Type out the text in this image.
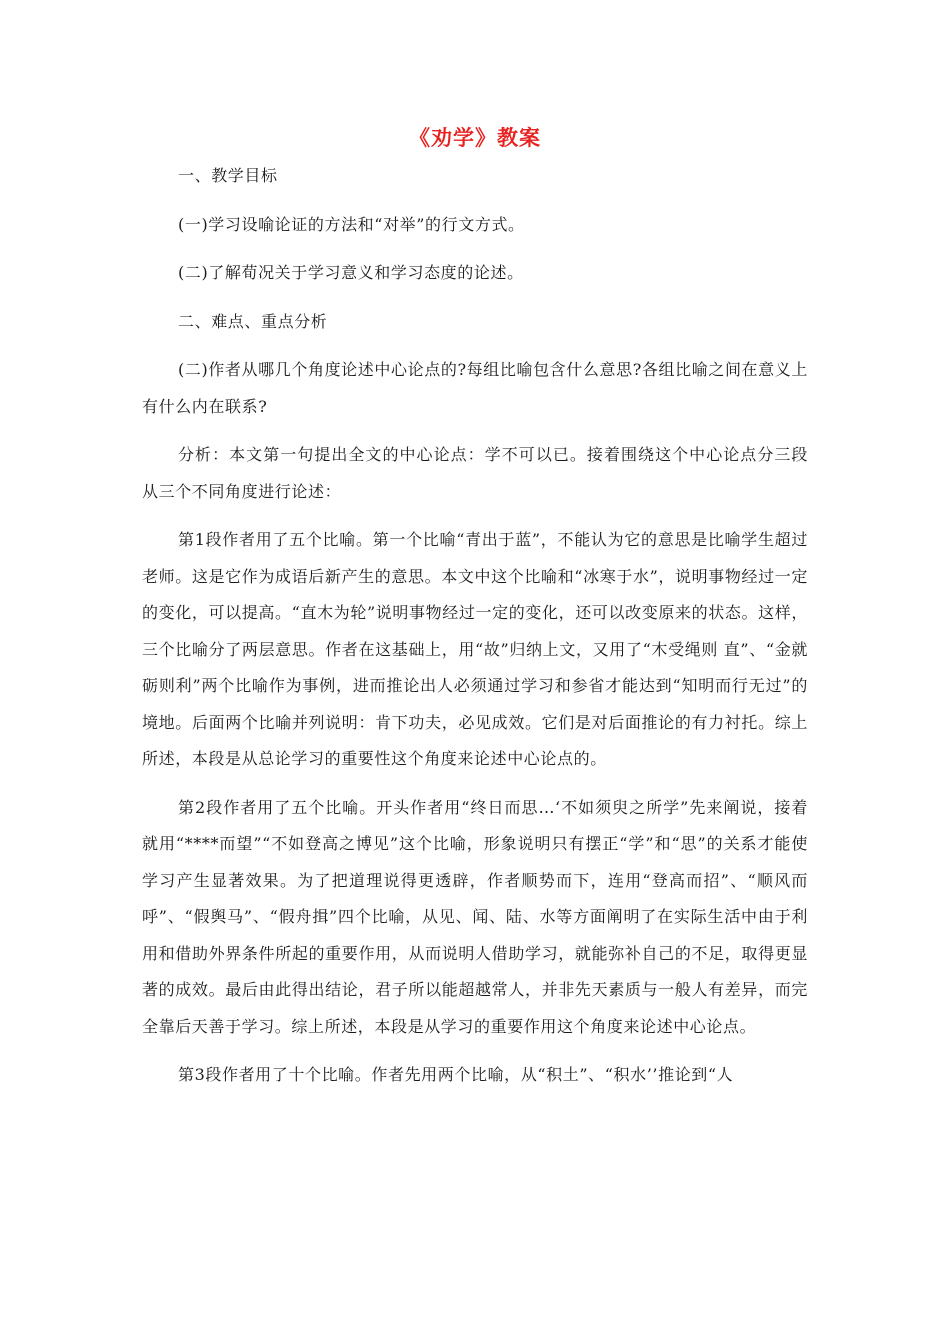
《劝学》教案

一、教学目标

(一)学习设喻论证的方法和“对举”的行文方式。

(二)了解荀况关于学习意义和学习态度的论述。

二、难点、重点分析

(二)作者从哪几个角度论述中心论点的?每组比喻包含什么意思?各组比喻之间在意义上有什么内在联系?

分析：本文第一句提出全文的中心论点：学不可以已。接着围绕这个中心论点分三段从三个不同角度进行论述：

第1段作者用了五个比喻。第一个比喻“青出于蓝”，不能认为它的意思是比喻学生超过老师。这是它作为成语后新产生的意思。本文中这个比喻和“冰寒于水”，说明事物经过一定的变化，可以提高。“直木为轮”说明事物经过一定的变化，还可以改变原来的状态。这样，三个比喻分了两层意思。作者在这基础上，用“故”归纳上文，又用了“木受绳则 直”、“金就砺则利”两个比喻作为事例，进而推论出人必须通过学习和参省才能达到“知明而行无过”的境地。后面两个比喻并列说明：肯下功夫，必见成效。它们是对后面推论的有力衬托。综上所述，本段是从总论学习的重要性这个角度来论述中心论点的。

第2段作者用了五个比喻。开头作者用“终日而思…‘不如须臾之所学”先来阐说，接着就用“****而望”“不如登高之博见”这个比喻，形象说明只有摆正“学”和“思”的关系才能使学习产生显著效果。为了把道理说得更透辟，作者顺势而下，连用“登高而招”、“顺风而呼”、“假舆马”、“假舟揖”四个比喻，从见、闻、陆、水等方面阐明了在实际生活中由于利用和借助外界条件所起的重要作用，从而说明人借助学习，就能弥补自己的不足，取得更显著的成效。最后由此得出结论，君子所以能超越常人，并非先天素质与一般人有差异，而完全靠后天善于学习。综上所述，本段是从学习的重要作用这个角度来论述中心论点。

第3段作者用了十个比喻。作者先用两个比喻，从“积土”、“积水’’推论到“人
